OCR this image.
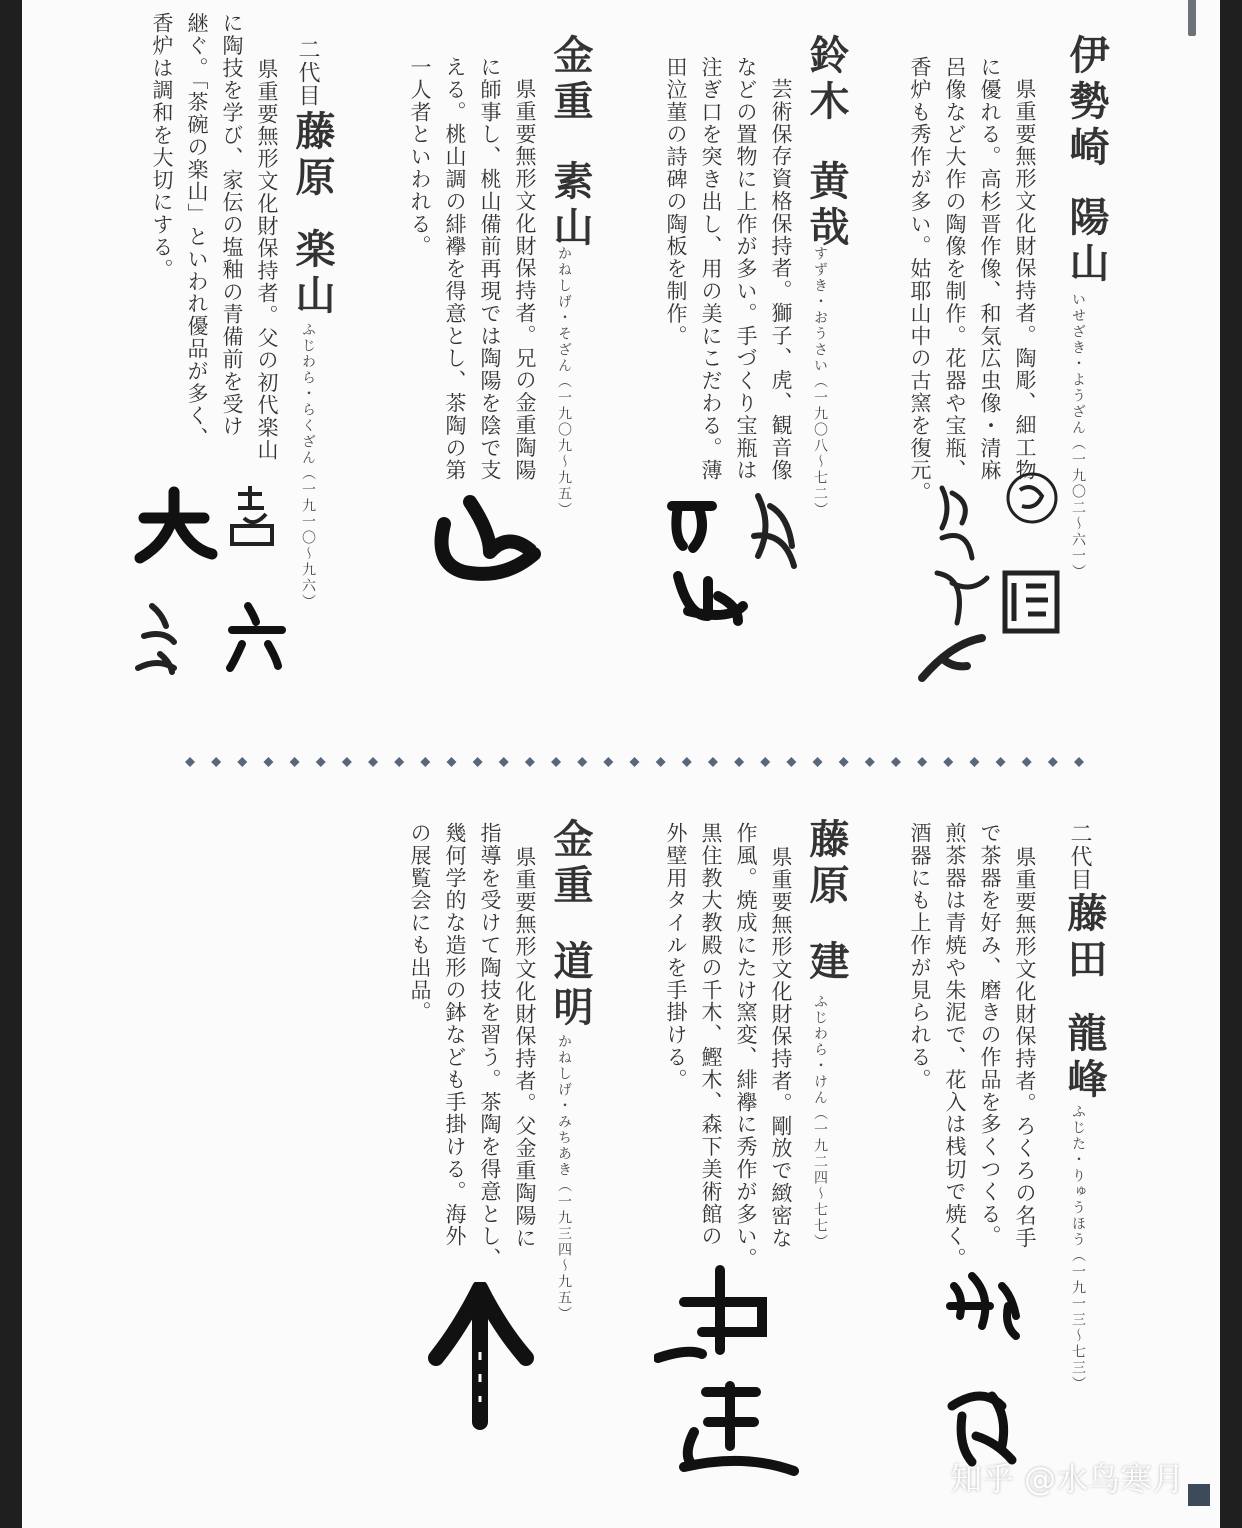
伊勢崎
陽山
いせざき・ようざん（一九〇二〜六一）
県重要無形文化財保持者。陶彫、細工物
に優れる。高杉晋作像、和気広虫像・清麻
呂像など大作の陶像を制作。花器や宝瓶、
香炉も秀作が多い。姑耶山中の古窯を復元。
鈴木
黄哉
すずき・おうさい（一九〇八〜七二）
芸術保存資格保持者。獅子、虎、観音像
などの置物に上作が多い。手づくり宝瓶は
注ぎ口を突き出し、用の美にこだわる。薄
田泣菫の詩碑の陶板を制作。
金重
素山
かねしげ・そざん（一九〇九〜九五）
県重要無形文化財保持者。兄の金重陶陽
に師事し、桃山備前再現では陶陽を陰で支
える。桃山調の緋襷を得意とし、茶陶の第
一人者といわれる。
二代目
藤原
楽山
ふじわら・らくざん（一九一〇〜九六）
県重要無形文化財保持者。父の初代楽山
に陶技を学び、家伝の塩釉の青備前を受け
継ぐ。「茶碗の楽山」といわれ優品が多く、
香炉は調和を大切にする。
二代目
藤田
龍峰
ふじた・りゅうほう（一九一三〜七三）
県重要無形文化財保持者。ろくろの名手
で茶器を好み、磨きの作品を多くつくる。
煎茶器は青焼や朱泥で、花入は桟切で焼く。
酒器にも上作が見られる。
藤原
建
ふじわら・けん（一九二四〜七七）
県重要無形文化財保持者。剛放で緻密な
作風。焼成にたけ窯変、緋襷に秀作が多い。
黒住教大教殿の千木、鰹木、森下美術館の
外壁用タイルを手掛ける。
金重
道明
かねしげ・みちあき（一九三四〜九五）
県重要無形文化財保持者。父金重陶陽に
指導を受けて陶技を習う。茶陶を得意とし、
幾何学的な造形の鉢なども手掛ける。海外
の展覧会にも出品。
知乎 @水鸟寒月
